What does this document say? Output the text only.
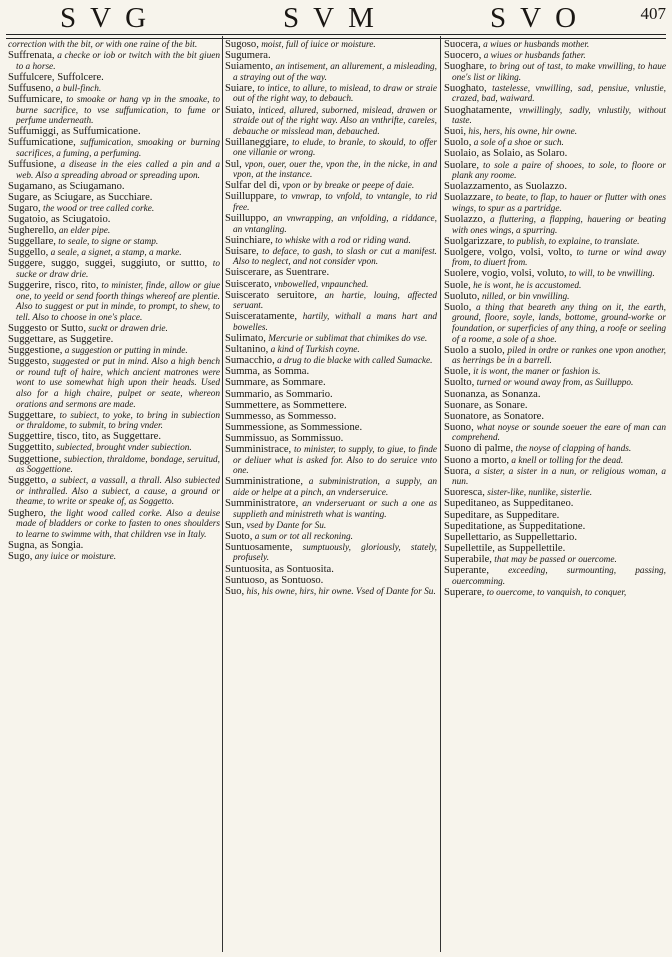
SVG	SVM	SVO	407
correction with the bit, or with one raine of the bit.
Suffrenata, a checke or iob or twitch with the bit giuen to a horse.
Suffulcere, Suffolcere.
Suffuseno, a bull-finch.
Suffumicare, to smoake or hang vp in the smoake, to burne sacrifice, to vse suffumication, to fume or perfume underneath.
Suffumiggi, as Suffumicatione.
Suffumicatione, suffumication, smoaking or burning sacrifices, a fuming, a perfuming.
Suffusione, a disease in the eies called a pin and a web. Also a spreading abroad or spreading upon.
Sugamano, as Sciugamano.
Sugare, as Sciugare, as Succhiare.
Sugaro, the wood or tree called corke.
Sugatoio, as Sciugatoio.
Sugherello, an elder pipe.
Suggellare, to seale, to signe or stamp.
Suggello, a seale, a signet, a stamp, a marke.
Suggere, suggo, suggei, suggiuto, or suttto, to sucke or draw drie.
Suggerire, risco, rito, to minister, finde, allow or giue one, to yeeld or send foorth things whereof are plentie. Also to suggest or put in minde, to prompt, to shew, to tell. Also to choose in one's place.
Suggesto or Sutto, suckt or drawen drie.
Suggettare, as Suggetire.
Suggestione, a suggestion or putting in minde.
Suggesto, suggested or put in mind. Also a high bench or round tuft of haire, which ancient matrones were wont to use somewhat high upon their heads. Used also for a high chaire, pulpet or seate, whereon orations and sermons are made.
Suggettare, to subiect, to yoke, to bring in subiection or thraldome, to submit, to bring vnder.
Suggettire, tisco, tito, as Suggettare.
Suggettito, subiected, brought vnder subiection.
Suggettione, subiection, thraldome, bondage, seruitud, as Soggettione.
Suggetto, a subiect, a vassall, a thrall. Also subiected or inthralled. Also a subiect, a cause, a ground or theame, to write or speake of, as Soggetto.
Sughero, the light wood called corke. Also a deuise made of bladders or corke to fasten to ones shoulders to learne to swimme with, that children vse in Italy.
Sugna, as Songia.
Sugo, any iuice or moisture.
Sugoso, moist, full of iuice or moisture.
Sugumera.
Suiamento, an intisement, an allurement, a misleading, a straying out of the way.
Suiare, to intice, to allure, to mislead, to draw or straie out of the right way, to debauch.
Suiato, inticed, allured, suborned, mislead, drawen or straide out of the right way. Also an vnthrifte, careles, debauche or misslead man, debauched.
Suillaneggiare, to elude, to branle, to skould, to offer one villanie or wrong.
Sul, vpon, ouer, ouer the, vpon the, in the nicke, in and vpon, at the instance.
Sulfar del di, vpon or by breake or peepe of daie.
Suilluppare, to vnwrap, to vnfold, to vntangle, to rid free.
Suilluppo, an vnwrapping, an vnfolding, a riddance, an vntangling.
Suinchiare, to whiske with a rod or riding wand.
Suisare, to deface, to gash, to slash or cut a manifest. Also to neglect, and not consider vpon.
Suiscerare, as Suentrare.
Suiscerato, vnbowelled, vnpaunched.
Suiscerato seruitore, an hartie, louing, affected seruant.
Suisceratamente, hartily, withall a mans hart and bowelles.
Sulimato, Mercurie or sublimat that chimikes do vse.
Sultanino, a kind of Turkish coyne.
Sumacchio, a drug to die blacke with called Sumacke.
Summa, as Somma.
Summare, as Sommare.
Summario, as Sommario.
Summettere, as Sommettere.
Summesso, as Sommesso.
Summessione, as Sommessione.
Summissuo, as Sommissuo.
Sumministrace, to minister, to supply, to giue, to finde or deliuer what is asked for. Also to do seruice vnto one.
Sumministratione, a subministration, a supply, an aide or helpe at a pinch, an vnderseruice.
Sumministratore, an vnderseruant or such a one as supplieth and ministreth what is wanting.
Sun, vsed by Dante for Su.
Suoto, a sum or tot all reckoning.
Suntuosamente, sumptuously, gloriously, stately, profusely.
Suntuosita, as Sontuosita.
Suntuoso, as Sontuoso.
Suo, his, his owne, hirs, hir owne. Vsed of Dante for Su.
Suocera, a wiues or husbands mother.
Suocero, a wiues or husbands father.
Suoghare, to bring out of tast, to make vnwilling, to haue one's list or liking.
Suoghato, tastelesse, vnwilling, sad, pensiue, vnlustie, crazed, bad, waiward.
Suoghatamente, vnwillingly, sadly, vnlustily, without taste.
Suoi, his, hers, his owne, hir owne.
Suolo, a sole of a shoe or such.
Suolaio, as Solaio, as Solaro.
Suolare, to sole a paire of shooes, to sole, to floore or plank any roome.
Suolazzamento, as Suolazzo.
Suolazzare, to beate, to flap, to hauer or flutter with ones wings, to spur as a partridge.
Suolazzo, a fluttering, a flapping, hauering or beating with ones wings, a spurring.
Suolgarizzare, to publish, to explaine, to translate.
Suolgere, volgo, volsi, volto, to turne or wind away from, to diuert from.
Suolere, vogio, volsi, voluto, to will, to be vnwilling.
Suole, he is wont, he is accustomed.
Suoluto, nilled, or bin vnwilling.
Suolo, a thing that beareth any thing on it, the earth, ground, floore, soyle, lands, bottome, ground-worke or foundation, or superficies of any thing, a roofe or seeling of a roome, a sole of a shoe.
Suolo a suolo, piled in ordre or rankes one vpon another, as herrings be in a barrell.
Suole, it is wont, the maner or fashion is.
Suolto, turned or wound away from, as Suilluppo.
Suonanza, as Sonanza.
Suonare, as Sonare.
Suonatore, as Sonatore.
Suono, what noyse or sounde soeuer the eare of man can comprehend.
Suono di palme, the noyse of clapping of hands.
Suono a morto, a knell or tolling for the dead.
Suora, a sister, a sister in a nun, or religious woman, a nun.
Suoresca, sister-like, nunlike, sisterlie.
Supeditaneo, as Suppeditaneo.
Supeditare, as Suppeditare.
Supeditatione, as Suppeditatione.
Supellettario, as Suppellettario.
Supellettile, as Suppellettile.
Superabile, that may be passed or ouercome.
Superante, exceeding, surmounting, passing, ouercomming.
Superare, to ouercome, to vanquish, to conquer,
